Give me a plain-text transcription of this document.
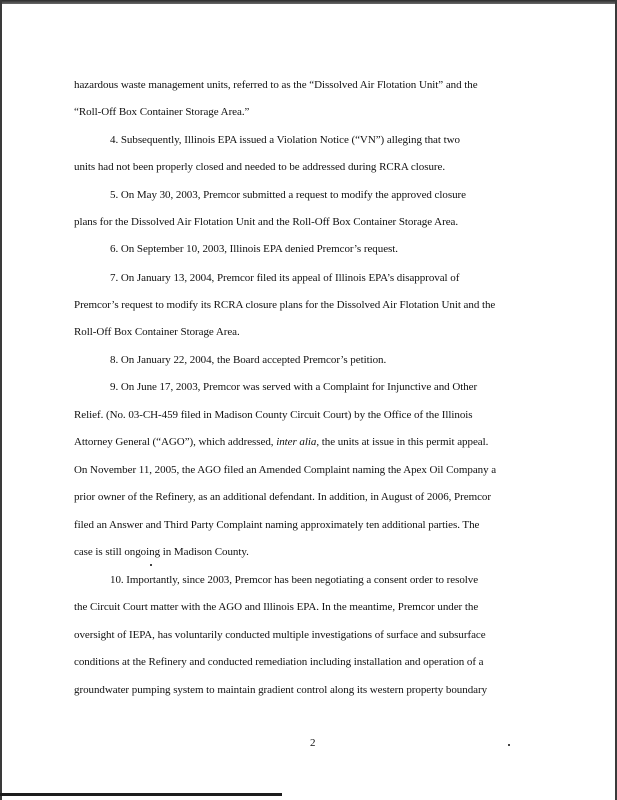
hazardous waste management units, referred to as the “Dissolved Air Flotation Unit” and the
“Roll-Off Box Container Storage Area.”
4. Subsequently, Illinois EPA issued a Violation Notice (“VN”) alleging that two
units had not been properly closed and needed to be addressed during RCRA closure.
5. On May 30, 2003, Premcor submitted a request to modify the approved closure
plans for the Dissolved Air Flotation Unit and the Roll-Off Box Container Storage Area.
6. On September 10, 2003, Illinois EPA denied Premcor’s request.
7. On January 13, 2004, Premcor filed its appeal of Illinois EPA’s disapproval of
Premcor’s request to modify its RCRA closure plans for the Dissolved Air Flotation Unit and the
Roll-Off Box Container Storage Area.
8. On January 22, 2004, the Board accepted Premcor’s petition.
9. On June 17, 2003, Premcor was served with a Complaint for Injunctive and Other
Relief. (No. 03-CH-459 filed in Madison County Circuit Court) by the Office of the Illinois
Attorney General (“AGO”), which addressed, inter alia, the units at issue in this permit appeal.
On November 11, 2005, the AGO filed an Amended Complaint naming the Apex Oil Company a
prior owner of the Refinery, as an additional defendant. In addition, in August of 2006, Premcor
filed an Answer and Third Party Complaint naming approximately ten additional parties. The
case is still ongoing in Madison County.
10. Importantly, since 2003, Premcor has been negotiating a consent order to resolve
the Circuit Court matter with the AGO and Illinois EPA. In the meantime, Premcor under the
oversight of IEPA, has voluntarily conducted multiple investigations of surface and subsurface
conditions at the Refinery and conducted remediation including installation and operation of a
groundwater pumping system to maintain gradient control along its western property boundary
2
